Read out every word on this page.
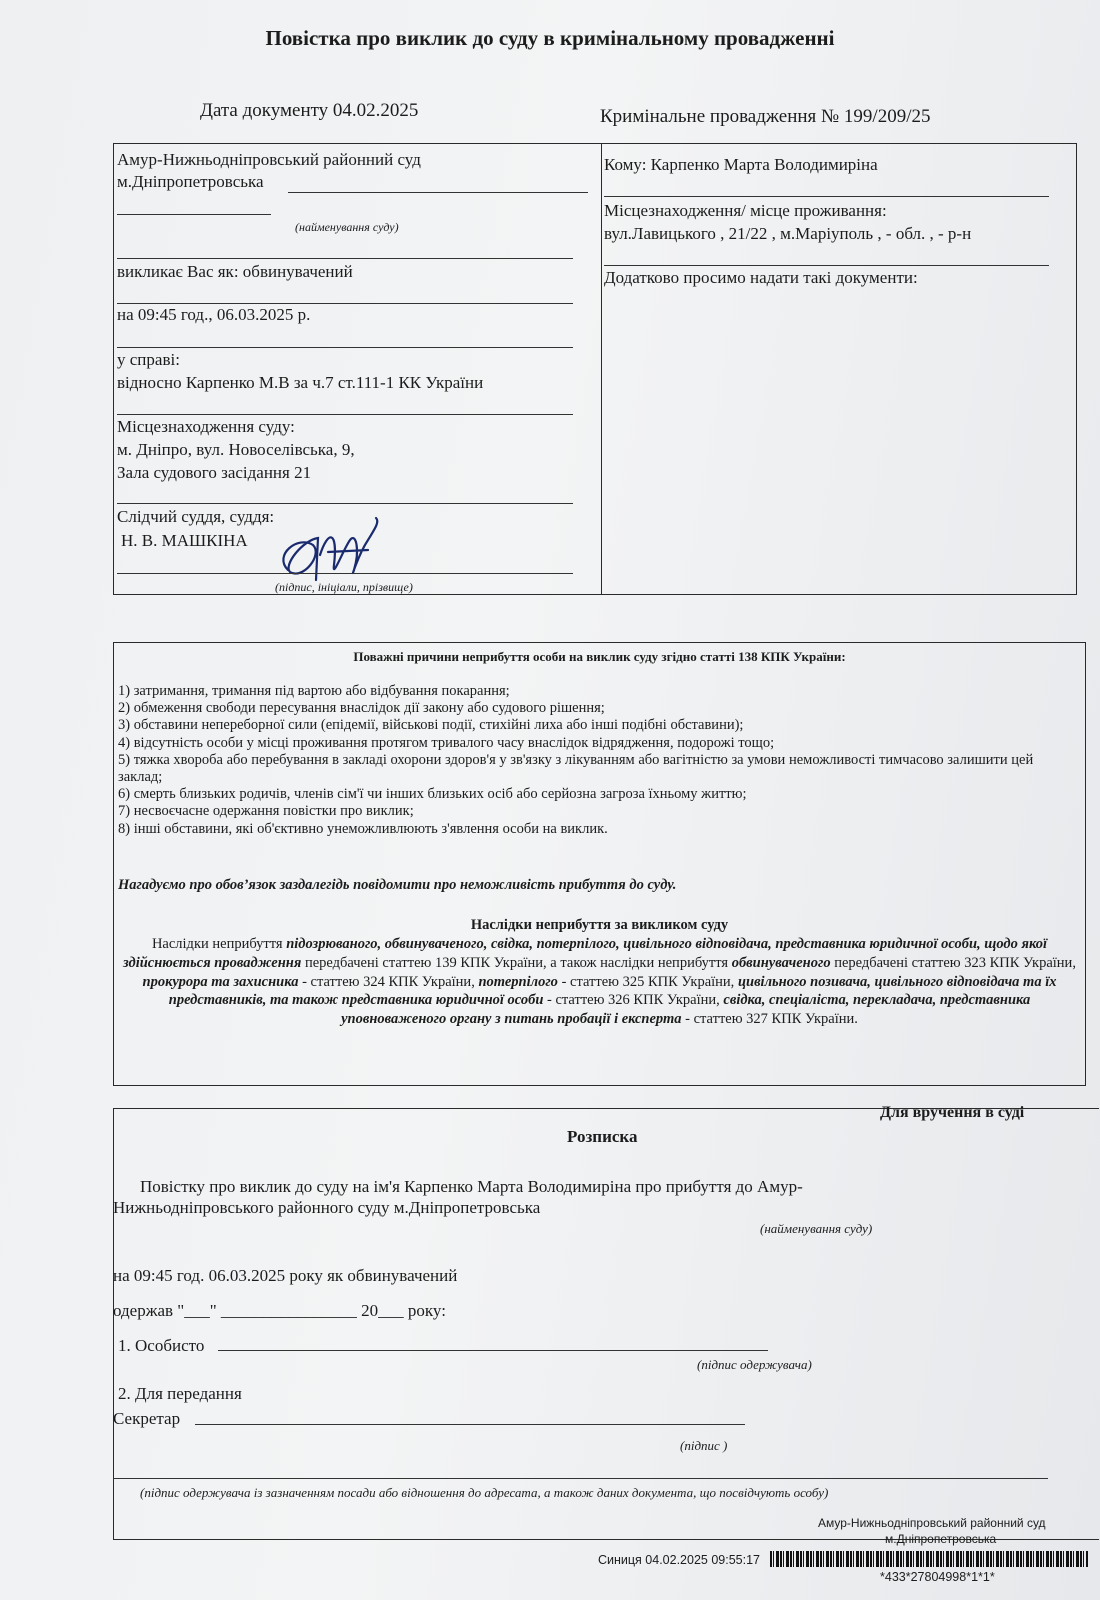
Повістка про виклик до суду в кримінальному провадженні
Дата документу 04.02.2025	Кримінальне провадження № 199/209/25
Амур-Нижньодніпровський районний суд
м.Дніпропетровська
(найменування суду)
викликає Вас як: обвинувачений
на 09:45 год., 06.03.2025 р.
у справі:
відносно Карпенко М.В за ч.7 ст.111-1 КК України
Місцезнаходження суду:
м. Дніпро, вул. Новоселівська, 9,
Зала судового засідання 21
Слідчий суддя, суддя:
Н. В. МАШКІНА
(підпис, ініціали, прізвище)
Кому: Карпенко Марта Володимиріна
Місцезнаходження/ місце проживання:
вул.Лавицького , 21/22 , м.Маріуполь , - обл. , - р-н
Додатково просимо надати такі документи:
Поважні причини неприбуття особи на виклик суду згідно статті 138 КПК України:
1) затримання, тримання під вартою або відбування покарання;
2) обмеження свободи пересування внаслідок дії закону або судового рішення;
3) обставини непереборної сили (епідемії, військові події, стихійні лиха або інші подібні обставини);
4) відсутність особи у місці проживання протягом тривалого часу внаслідок відрядження, подорожі тощо;
5) тяжка хвороба або перебування в закладі охорони здоров'я у зв'язку з лікуванням або вагітністю за умови неможливості тимчасово залишити цей заклад;
6) смерть близьких родичів, членів сім'ї чи інших близьких осіб або серйозна загроза їхньому життю;
7) несвоєчасне одержання повістки про виклик;
8) інші обставини, які об'єктивно унеможливлюють з'явлення особи на виклик.
Нагадуємо про обов’язок заздалегідь повідомити про неможливість прибуття до суду.
Наслідки неприбуття за викликом суду
Наслідки неприбуття підозрюваного, обвинуваченого, свідка, потерпілого, цивільного відповідача, представника юридичної особи, щодо якої здійснюється провадження передбачені статтею 139 КПК України, а також наслідки неприбуття обвинуваченого передбачені статтею 323 КПК України, прокурора та захисника - статтею 324 КПК України, потерпілого - статтею 325 КПК України, цивільного позивача, цивільного відповідача та їх представників, та також представника юридичної особи - статтею 326 КПК України, свідка, спеціаліста, перекладача, представника уповноваженого органу з питань пробації і експерта - статтею 327 КПК України.
Для вручення в суді
Розписка
Повістку про виклик до суду на ім'я Карпенко Марта Володимиріна про прибуття до Амур-
Нижньодніпровського районного суду м.Дніпропетровська
(найменування суду)
на 09:45 год. 06.03.2025 року як обвинувачений
одержав "___" ________________ 20___ року:
1. Особисто
(підпис одержувача)
2. Для передання
Секретар
(підпис )
(підпис одержувача із зазначенням посади або відношення до адресата, а також даних документа, що посвідчують особу)
Амур-Нижньодніпровський районний суд
м.Дніпропетровська
Синиця 04.02.2025 09:55:17
*433*27804998*1*1*
